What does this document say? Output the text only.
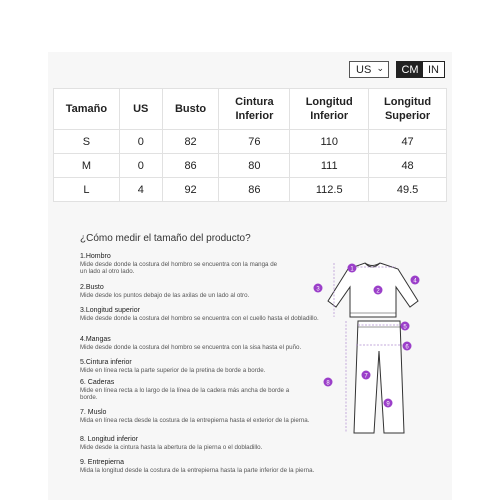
US ⌄	CM IN
Tamaño	US	Busto	Cintura Inferior	Longitud Inferior	Longitud Superior
S	0	82	76	110	47
M	0	86	80	111	48
L	4	92	86	112.5	49.5
¿Cómo medir el tamaño del producto?
1.Hombro
Mide desde donde la costura del hombro se encuentra con la manga de un lado al otro lado.
2.Busto
Mide desde los puntos debajo de las axilas de un lado al otro.
3.Longitud superior
Mide desde donde la costura del hombro se encuentra con el cuello hasta el dobladillo.
4.Mangas
Mide desde donde la costura del hombro se encuentra con la sisa hasta el puño.
5.Cintura inferior
Mide en línea recta la parte superior de la pretina de borde a borde.
6. Caderas
Mide en línea recta a lo largo de la línea de la cadera más ancha de borde a borde.
7. Muslo
Mida en línea recta desde la costura de la entrepierna hasta el exterior de la pierna.
8. Longitud inferior
Mide desde la cintura hasta la abertura de la pierna o el dobladillo.
9. Entrepierna
Mida la longitud desde la costura de la entrepierna hasta la parte inferior de la pierna.
1
2
3
4
5
6
7
8
9
